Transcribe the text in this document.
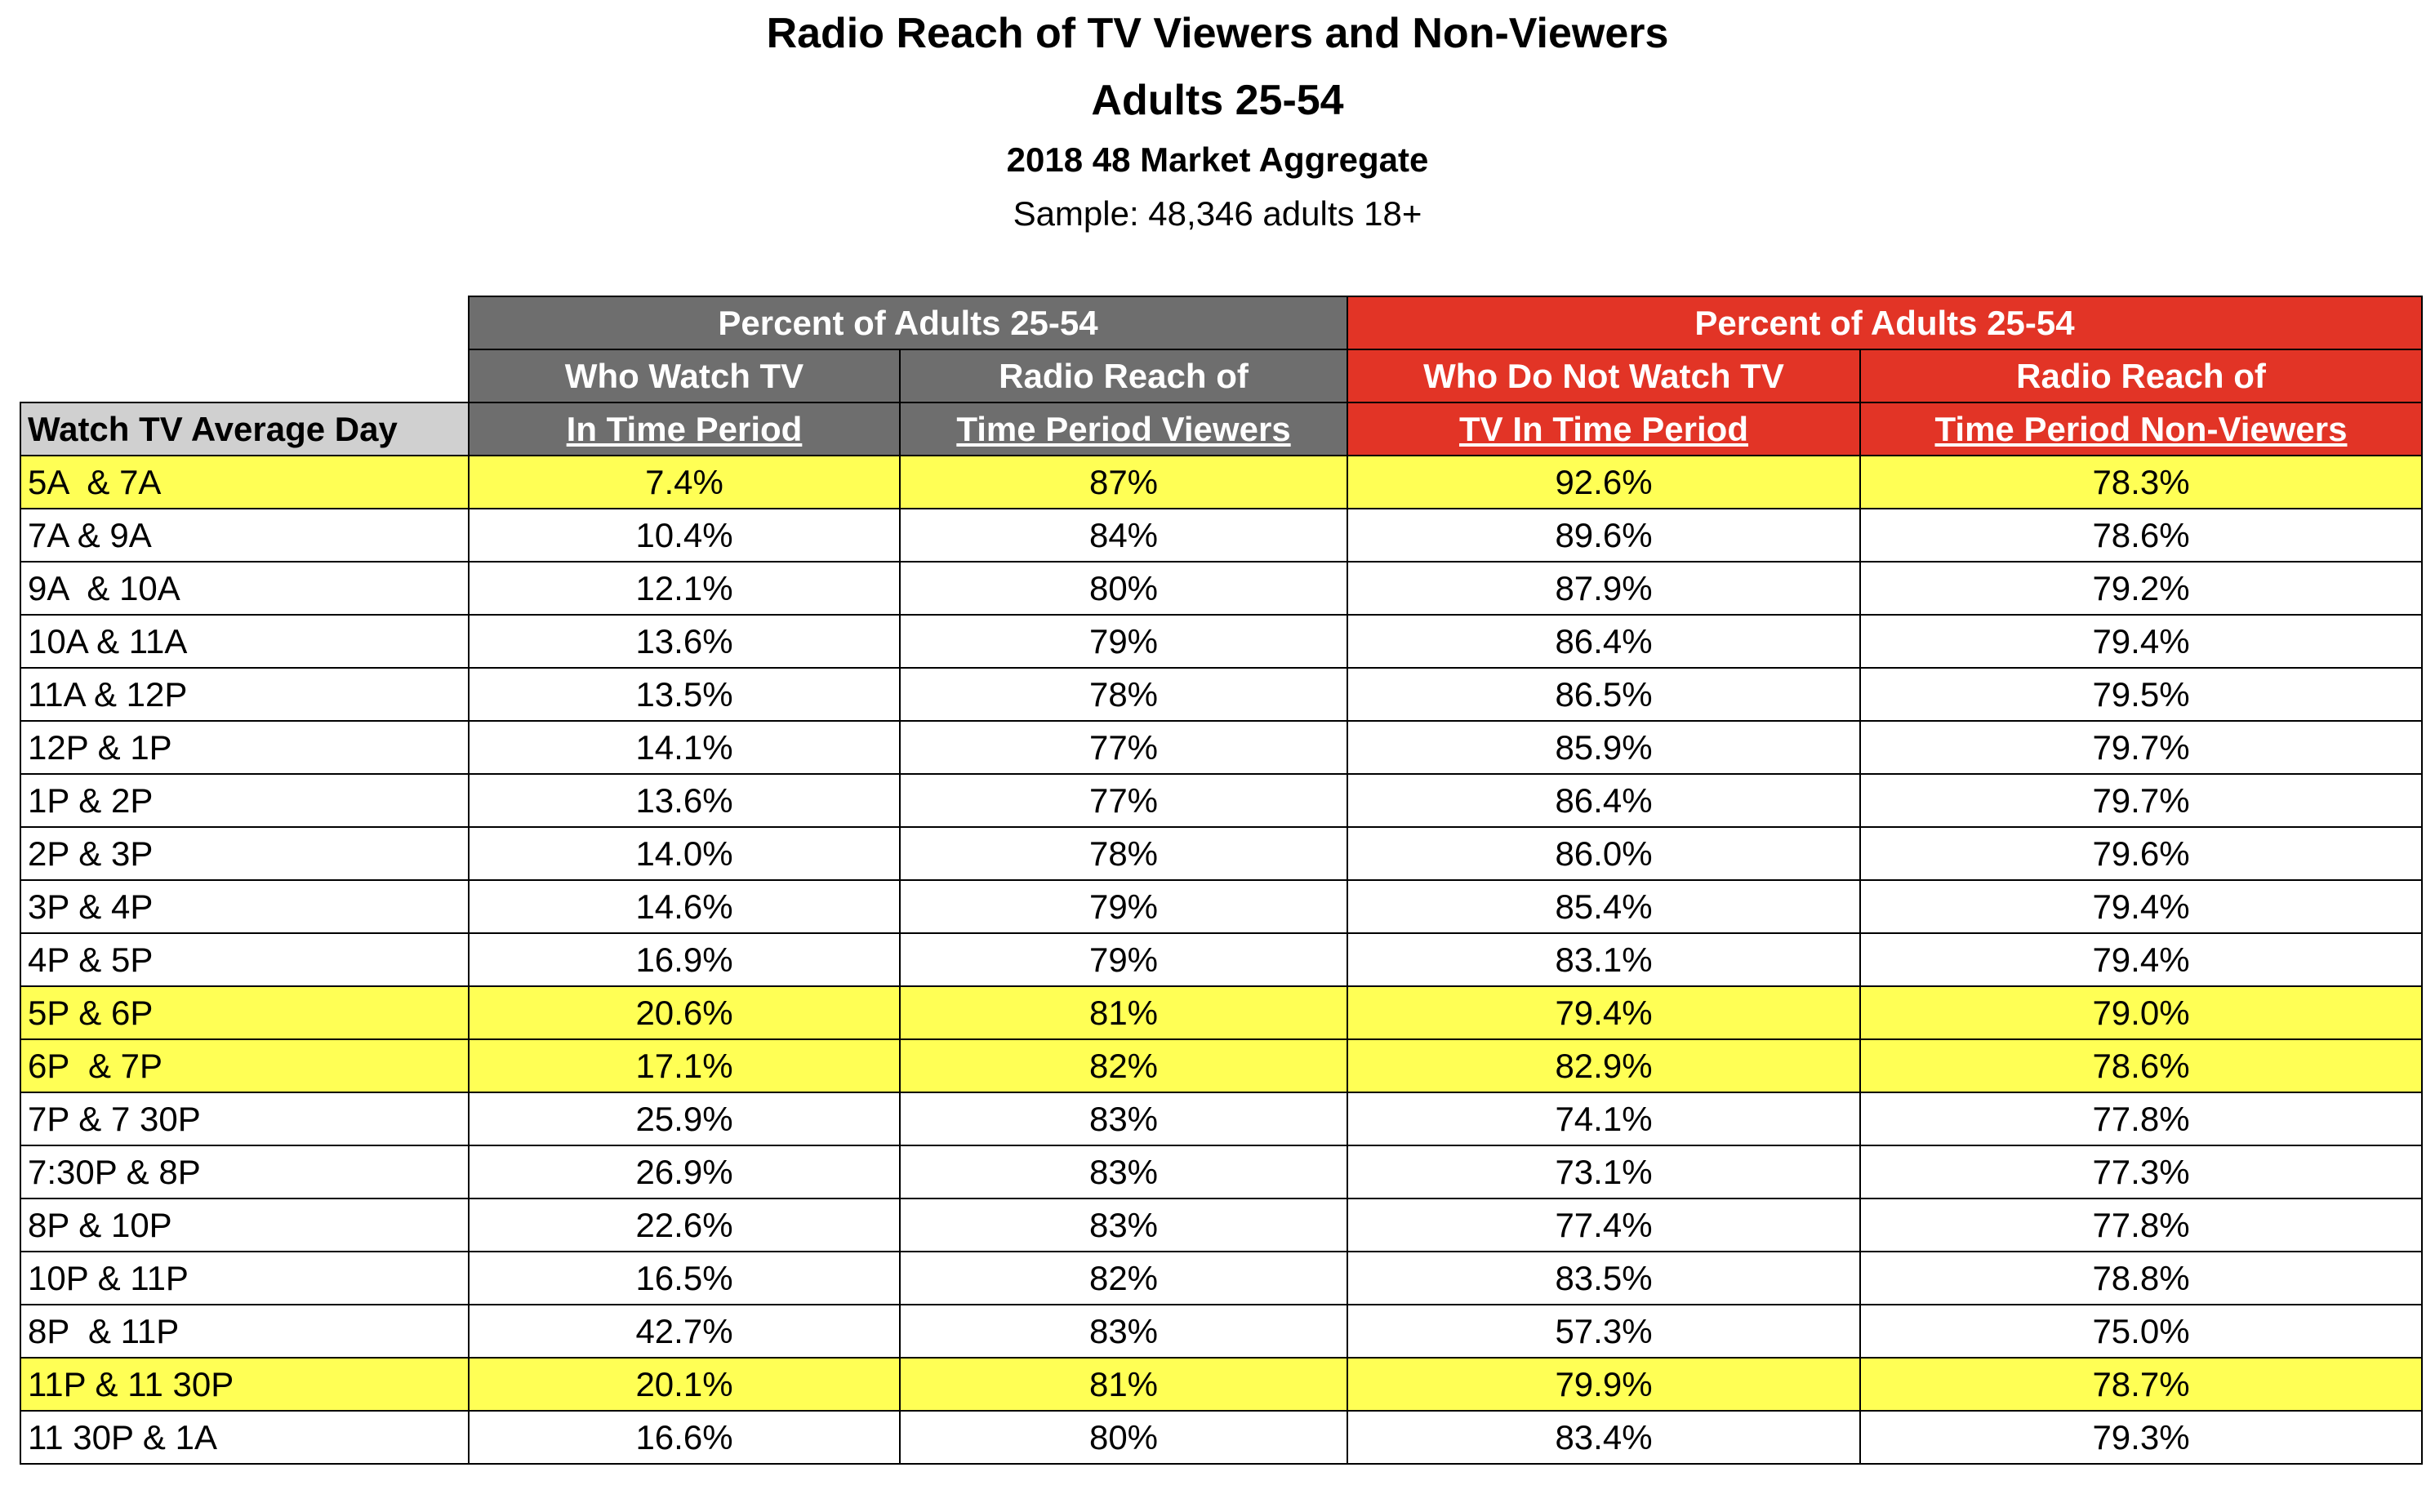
Radio Reach of TV Viewers and Non-Viewers
Adults 25-54
2018 48 Market Aggregate
Sample: 48,346 adults 18+
	Percent of Adults 25-54		Percent of Adults 25-54	
	Who Watch TV	Radio Reach of	Who Do Not Watch TV	Radio Reach of
Watch TV Average Day	In Time Period	Time Period Viewers	TV In Time Period	Time Period Non-Viewers
5A  & 7A	7.4%	87%	92.6%	78.3%
7A & 9A	10.4%	84%	89.6%	78.6%
9A  & 10A	12.1%	80%	87.9%	79.2%
10A & 11A	13.6%	79%	86.4%	79.4%
11A & 12P	13.5%	78%	86.5%	79.5%
12P & 1P	14.1%	77%	85.9%	79.7%
1P & 2P	13.6%	77%	86.4%	79.7%
2P & 3P	14.0%	78%	86.0%	79.6%
3P & 4P	14.6%	79%	85.4%	79.4%
4P & 5P	16.9%	79%	83.1%	79.4%
5P & 6P	20.6%	81%	79.4%	79.0%
6P  & 7P	17.1%	82%	82.9%	78.6%
7P & 7 30P	25.9%	83%	74.1%	77.8%
7:30P & 8P	26.9%	83%	73.1%	77.3%
8P & 10P	22.6%	83%	77.4%	77.8%
10P & 11P	16.5%	82%	83.5%	78.8%
8P  & 11P	42.7%	83%	57.3%	75.0%
11P & 11 30P	20.1%	81%	79.9%	78.7%
11 30P & 1A	16.6%	80%	83.4%	79.3%
